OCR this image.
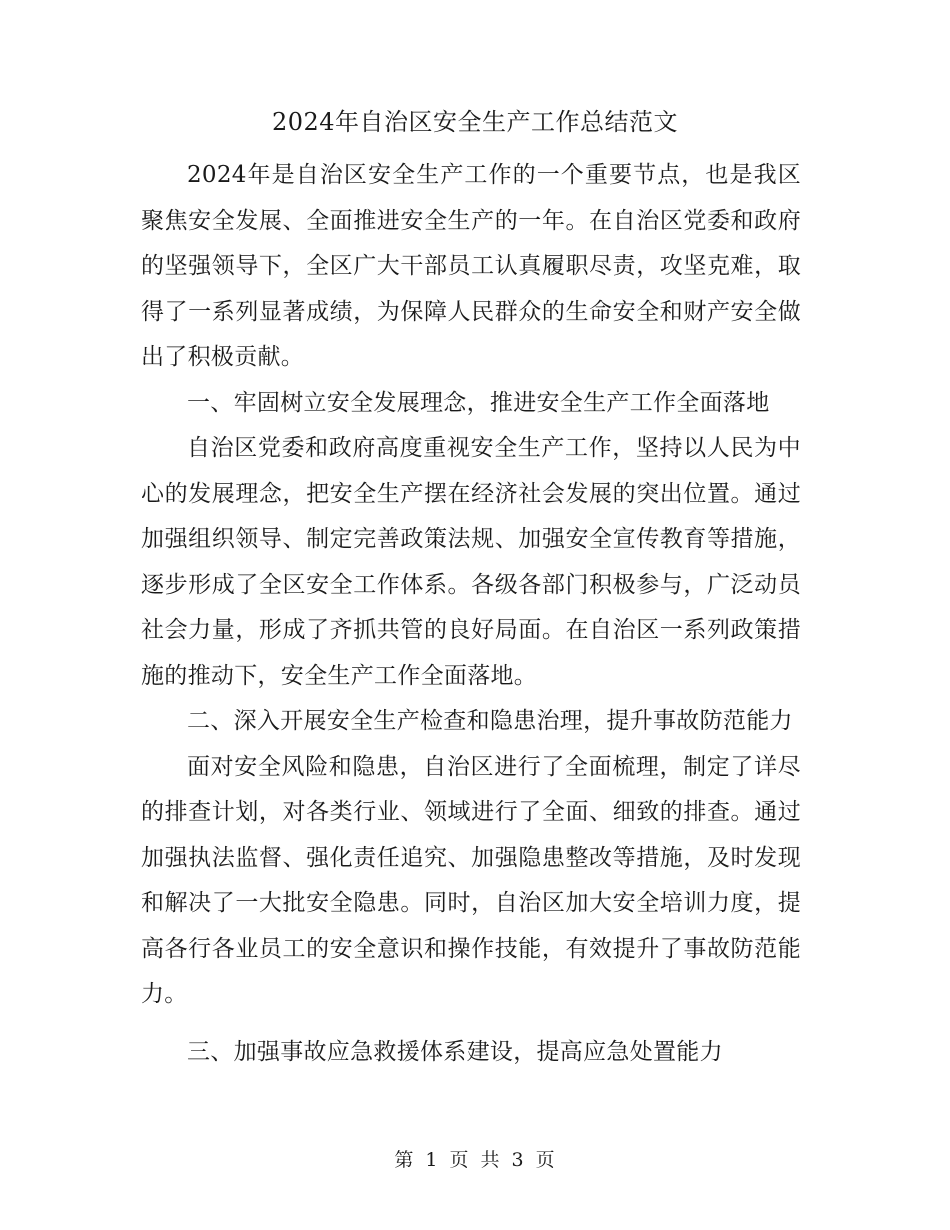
2024年自治区安全生产工作总结范文

2024年是自治区安全生产工作的一个重要节点，也是我区聚焦安全发展、全面推进安全生产的一年。在自治区党委和政府的坚强领导下，全区广大干部员工认真履职尽责，攻坚克难，取得了一系列显著成绩，为保障人民群众的生命安全和财产安全做出了积极贡献。

一、牢固树立安全发展理念，推进安全生产工作全面落地

自治区党委和政府高度重视安全生产工作，坚持以人民为中心的发展理念，把安全生产摆在经济社会发展的突出位置。通过加强组织领导、制定完善政策法规、加强安全宣传教育等措施，逐步形成了全区安全工作体系。各级各部门积极参与，广泛动员社会力量，形成了齐抓共管的良好局面。在自治区一系列政策措施的推动下，安全生产工作全面落地。

二、深入开展安全生产检查和隐患治理，提升事故防范能力

面对安全风险和隐患，自治区进行了全面梳理，制定了详尽的排查计划，对各类行业、领域进行了全面、细致的排查。通过加强执法监督、强化责任追究、加强隐患整改等措施，及时发现和解决了一大批安全隐患。同时，自治区加大安全培训力度，提高各行各业员工的安全意识和操作技能，有效提升了事故防范能力。

三、加强事故应急救援体系建设，提高应急处置能力

第 1 页 共 3 页
